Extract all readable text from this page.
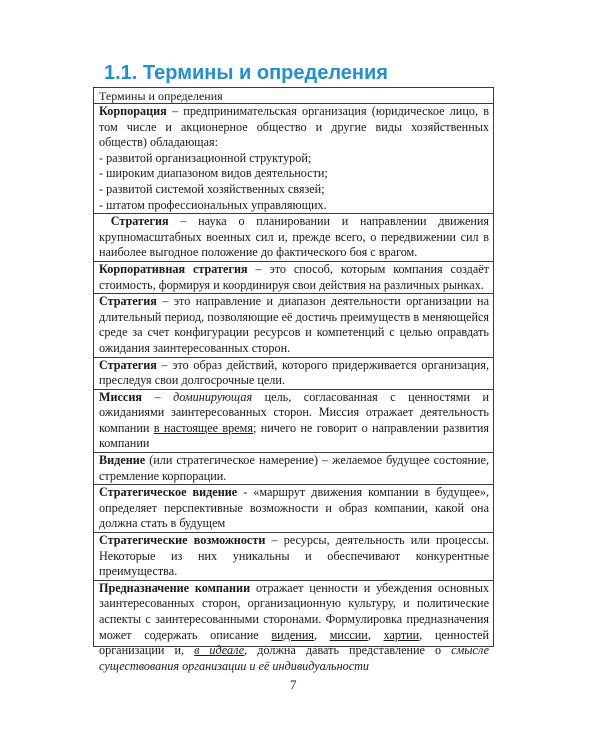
1.1. Термины и определения
Термины и определения
Корпорация – предпринимательская организация (юридическое лицо, в том числе и акционерное общество и другие виды хозяйственных обществ) обладающая:
- развитой организационной структурой;
- широким диапазоном видов деятельности;
- развитой системой хозяйственных связей;
- штатом профессиональных управляющих.
Стратегия – наука о планировании и направлении движения крупномасштабных военных сил и, прежде всего, о передвижении сил в наиболее выгодное положение до фактического боя с врагом.
Корпоративная стратегия – это способ, которым компания создаёт стоимость, формируя и координируя свои действия на различных рынках.
Стратегия – это направление и диапазон деятельности организации на длительный период, позволяющие её достичь преимуществ в меняющейся среде за счет конфигурации ресурсов и компетенций с целью оправдать ожидания заинтересованных сторон.
Стратегия – это образ действий, которого придерживается организация, преследуя свои долгосрочные цели.
Миссия – доминирующая цель, согласованная с ценностями и ожиданиями заинтересованных сторон. Миссия отражает деятельность компании в настоящее время; ничего не говорит о направлении развития компании
Видение (или стратегическое намерение) – желаемое будущее состояние, стремление корпорации.
Стратегическое видение - «маршрут движения компании в будущее», определяет перспективные возможности и образ компании, какой она должна стать в будущем
Стратегические возможности – ресурсы, деятельность или процессы. Некоторые из них уникальны и обеспечивают конкурентные преимущества.
Предназначение компании отражает ценности и убеждения основных заинтересованных сторон, организационную культуру, и политические аспекты с заинтересованными сторонами. Формулировка предназначения может содержать описание видения, миссии, хартии, ценностей организации и, в идеале, должна давать представление о смысле существования организации и её индивидуальности
7
